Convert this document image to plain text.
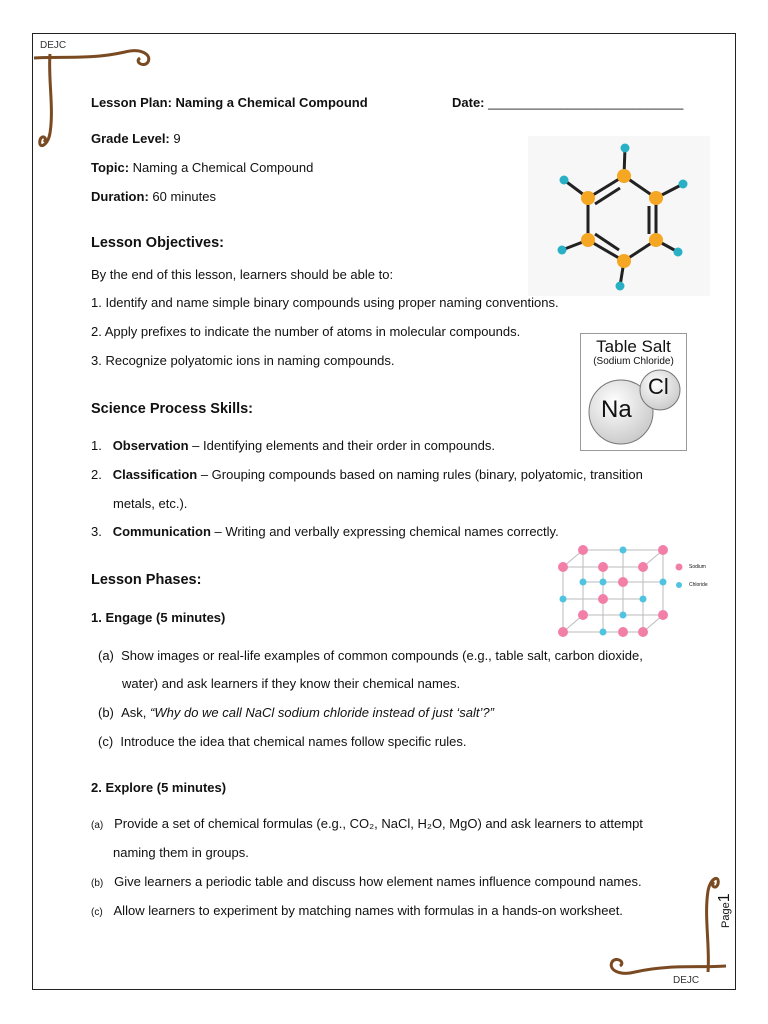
DEJC
DEJC
Page1
Lesson Plan: Naming a Chemical Compound	Date: ___________________________
Grade Level: 9
Topic: Naming a Chemical Compound
Duration: 60 minutes
Lesson Objectives:
By the end of this lesson, learners should be able to:
1. Identify and name simple binary compounds using proper naming conventions.
2. Apply prefixes to indicate the number of atoms in molecular compounds.
3. Recognize polyatomic ions in naming compounds.
Table Salt
(Sodium Chloride)
Na
Cl
Science Process Skills:
1. Observation – Identifying elements and their order in compounds.
2. Classification – Grouping compounds based on naming rules (binary, polyatomic, transition
metals, etc.).
3. Communication – Writing and verbally expressing chemical names correctly.
Sodium
Chloride
Lesson Phases:
1. Engage (5 minutes)
(a) Show images or real-life examples of common compounds (e.g., table salt, carbon dioxide,
water) and ask learners if they know their chemical names.
(b) Ask, “Why do we call NaCl sodium chloride instead of just ‘salt’?”
(c) Introduce the idea that chemical names follow specific rules.
2. Explore (5 minutes)
(a) Provide a set of chemical formulas (e.g., CO₂, NaCl, H₂O, MgO) and ask learners to attempt
naming them in groups.
(b) Give learners a periodic table and discuss how element names influence compound names.
(c) Allow learners to experiment by matching names with formulas in a hands-on worksheet.
